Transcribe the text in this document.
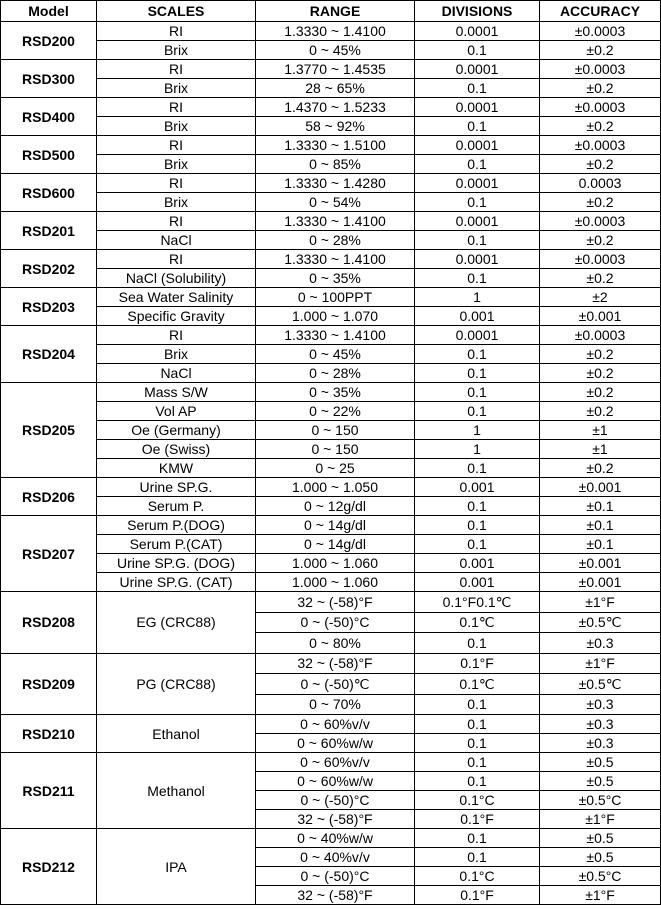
Model	SCALES	RANGE	DIVISIONS	ACCURACY
RSD200	RI	1.3330 ~ 1.4100	0.0001	±0.0003
	Brix	0 ~ 45%	0.1	±0.2
RSD300	RI	1.3770 ~ 1.4535	0.0001	±0.0003
	Brix	28 ~ 65%	0.1	±0.2
RSD400	RI	1.4370 ~ 1.5233	0.0001	±0.0003
	Brix	58 ~ 92%	0.1	±0.2
RSD500	RI	1.3330 ~ 1.5100	0.0001	±0.0003
	Brix	0 ~ 85%	0.1	±0.2
RSD600	RI	1.3330 ~ 1.4280	0.0001	0.0003
	Brix	0 ~ 54%	0.1	±0.2
RSD201	RI	1.3330 ~ 1.4100	0.0001	±0.0003
	NaCl	0 ~ 28%	0.1	±0.2
RSD202	RI	1.3330 ~ 1.4100	0.0001	±0.0003
	NaCl (Solubility)	0 ~ 35%	0.1	±0.2
RSD203	Sea Water Salinity	0 ~ 100PPT	1	±2
	Specific Gravity	1.000 ~ 1.070	0.001	±0.001
RSD204	RI	1.3330 ~ 1.4100	0.0001	±0.0003
	Brix	0 ~ 45%	0.1	±0.2
	NaCl	0 ~ 28%	0.1	±0.2
RSD205	Mass S/W	0 ~ 35%	0.1	±0.2
	Vol AP	0 ~ 22%	0.1	±0.2
	Oe (Germany)	0 ~ 150	1	±1
	Oe (Swiss)	0 ~ 150	1	±1
	KMW	0 ~ 25	0.1	±0.2
RSD206	Urine SP.G.	1.000 ~ 1.050	0.001	±0.001
	Serum P.	0 ~ 12g/dl	0.1	±0.1
RSD207	Serum P.(DOG)	0 ~ 14g/dl	0.1	±0.1
	Serum P.(CAT)	0 ~ 14g/dl	0.1	±0.1
	Urine SP.G. (DOG)	1.000 ~ 1.060	0.001	±0.001
	Urine SP.G. (CAT)	1.000 ~ 1.060	0.001	±0.001
RSD208	EG (CRC88)	32 ~ (-58)°F	0.1°F0.1℃	±1°F
		0 ~ (-50)°C	0.1℃	±0.5℃
		0 ~ 80%	0.1	±0.3
RSD209	PG (CRC88)	32 ~ (-58)°F	0.1°F	±1°F
		0 ~ (-50)℃	0.1℃	±0.5℃
		0 ~ 70%	0.1	±0.3
RSD210	Ethanol	0 ~ 60%v/v	0.1	±0.3
		0 ~ 60%w/w	0.1	±0.3
RSD211	Methanol	0 ~ 60%v/v	0.1	±0.5
		0 ~ 60%w/w	0.1	±0.5
		0 ~ (-50)°C	0.1°C	±0.5°C
		32 ~ (-58)°F	0.1°F	±1°F
RSD212	IPA	0 ~ 40%w/w	0.1	±0.5
		0 ~ 40%v/v	0.1	±0.5
		0 ~ (-50)°C	0.1°C	±0.5°C
		32 ~ (-58)°F	0.1°F	±1°F
